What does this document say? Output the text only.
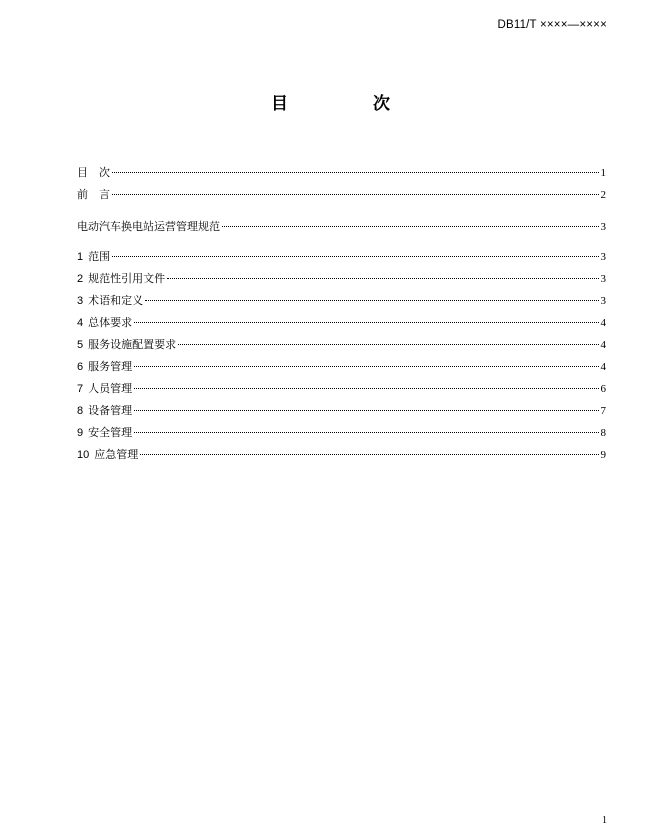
DB11/T ××××—××××
目　次
目　次	1
前　言	2
电动汽车换电站运营管理规范	3
1 范围	3
2 规范性引用文件	3
3 术语和定义	3
4 总体要求	4
5 服务设施配置要求	4
6 服务管理	4
7 人员管理	6
8 设备管理	7
9 安全管理	8
10 应急管理	9
1
